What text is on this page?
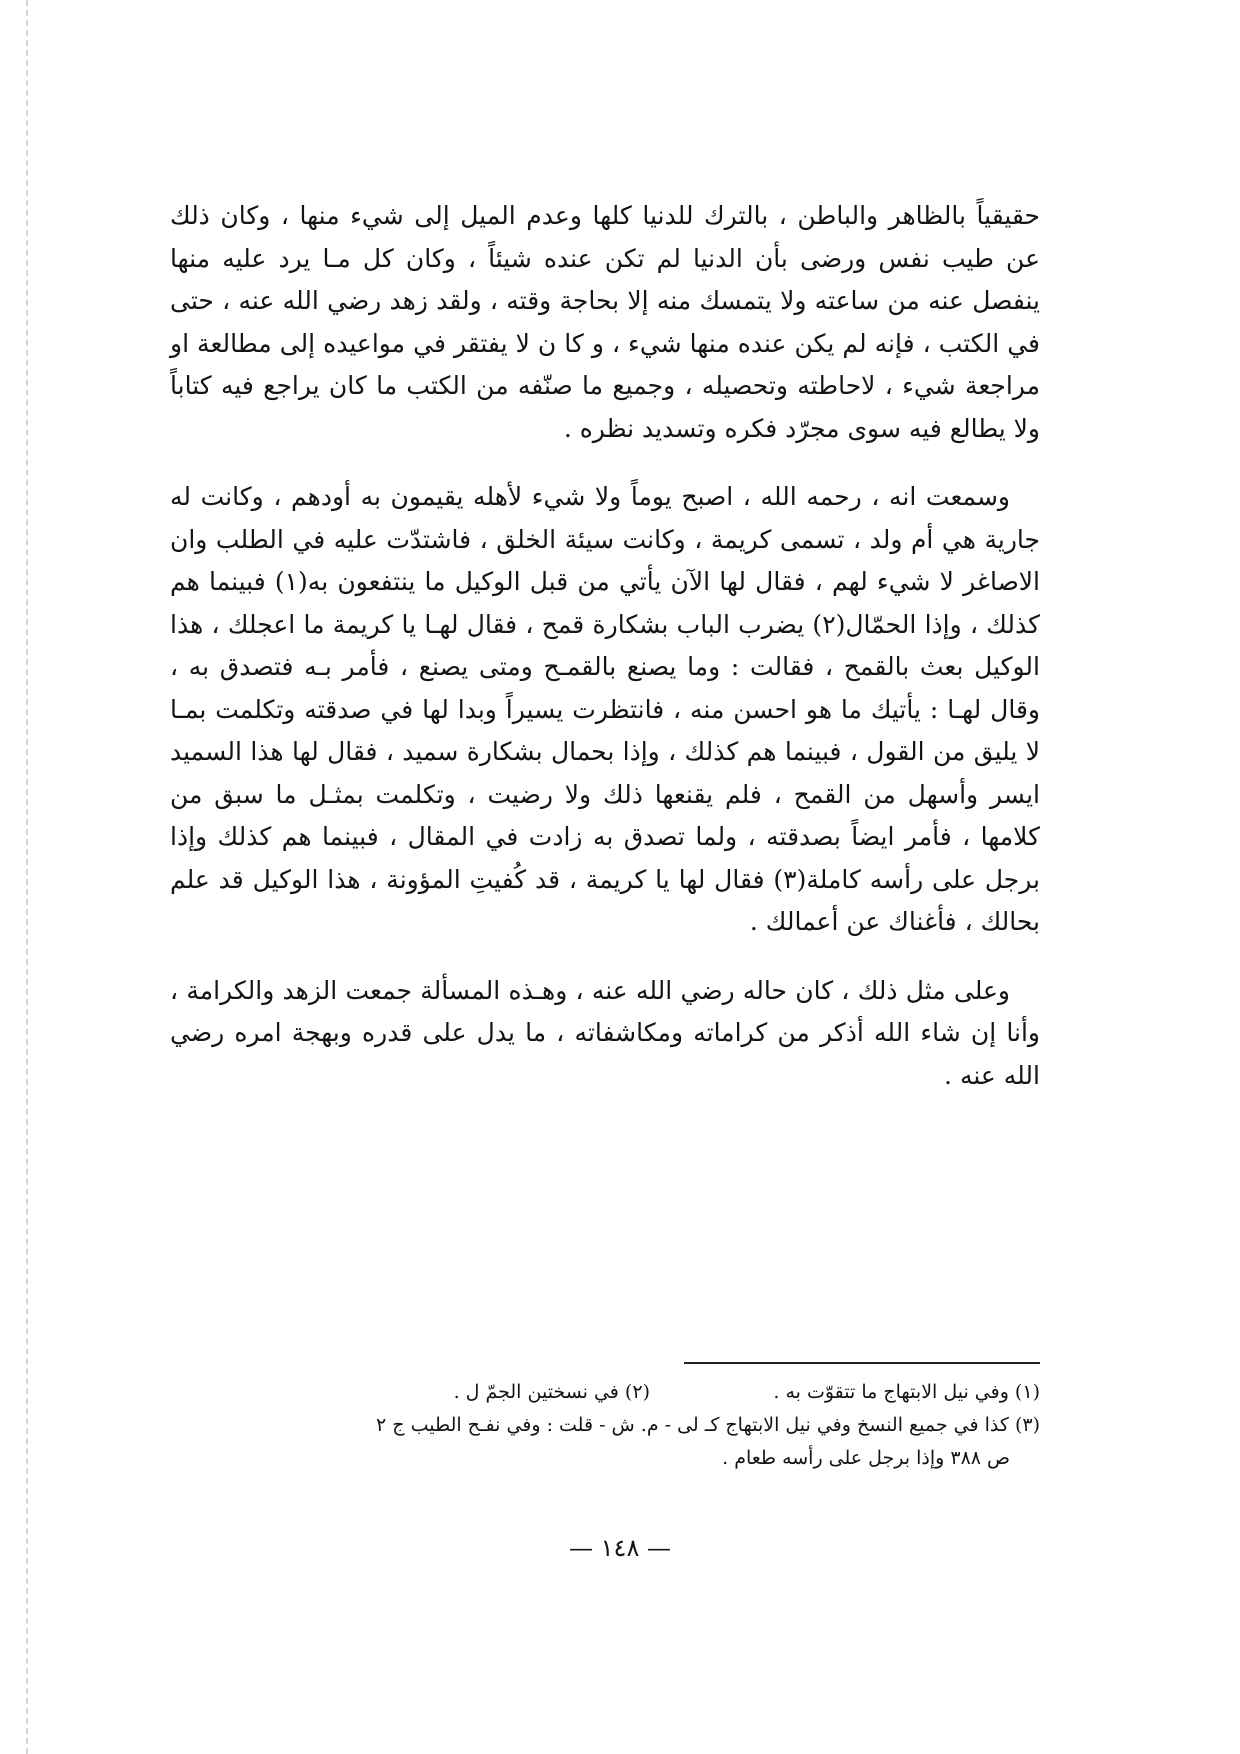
حقيقياً بالظاهر والباطن ، بالترك للدنيا كلها وعدم الميل إلى شيء منها ، وكان ذلك عن طيب نفس ورضى بأن الدنيا لم تكن عنده شيئاً ، وكان كل مـا يرد عليه منها ينفصل عنه من ساعته ولا يتمسك منه إلا بحاجة وقته ، ولقد زهد رضي الله عنه ، حتى في الكتب ، فإنه لم يكن عنده منها شيء ، و كا ن لا يفتقر في مواعيده إلى مطالعة او مراجعة شيء ، لاحاطته وتحصيله ، وجميع ما صنّفه من الكتب ما كان يراجع فيه كتاباً ولا يطالع فيه سوى مجرّد فكره وتسديد نظره .

وسمعت انه ، رحمه الله ، اصبح يوماً ولا شيء لأهله يقيمون به أودهم ، وكانت له جارية هي أم ولد ، تسمى كريمة ، وكانت سيئة الخلق ، فاشتدّت عليه في الطلب وان الاصاغر لا شيء لهم ، فقال لها الآن يأتي من قبل الوكيل ما ينتفعون به(١) فبينما هم كذلك ، وإذا الحمّال(٢) يضرب الباب بشكارة قمح ، فقال لهـا يا كريمة ما اعجلك ، هذا الوكيل بعث بالقمح ، فقالت : وما يصنع بالقمـح ومتى يصنع ، فأمر بـه فتصدق به ، وقال لهـا : يأتيك ما هو احسن منه ، فانتظرت يسيراً وبدا لها في صدقته وتكلمت بمـا لا يليق من القول ، فبينما هم كذلك ، وإذا بحمال بشكارة سميد ، فقال لها هذا السميد ايسر وأسهل من القمح ، فلم يقنعها ذلك ولا رضيت ، وتكلمت بمثـل ما سبق من كلامها ، فأمر ايضاً بصدقته ، ولما تصدق به زادت في المقال ، فبينما هم كذلك وإذا برجل على رأسه كاملة(٣) فقال لها يا كريمة ، قد كُفيتِ المؤونة ، هذا الوكيل قد علم بحالك ، فأغناك عن أعمالك .

وعلى مثل ذلك ، كان حاله رضي الله عنه ، وهـذه المسألة جمعت الزهد والكرامة ، وأنا إن شاء الله أذكر من كراماته ومكاشفاته ، ما يدل على قدره وبهجة امره رضي الله عنه .

(١) وفي نيل الابتهاج ما تتقوّت به .
(٢) في نسختين الجمّ ل .
(٣) كذا في جميع النسخ وفي نيل الابتهاج كـ لى - م. ش - قلت : وفي نفـح الطيب ج ٢
ص ٣٨٨ وإذا برجل على رأسه طعام .
— ١٤٨ —
